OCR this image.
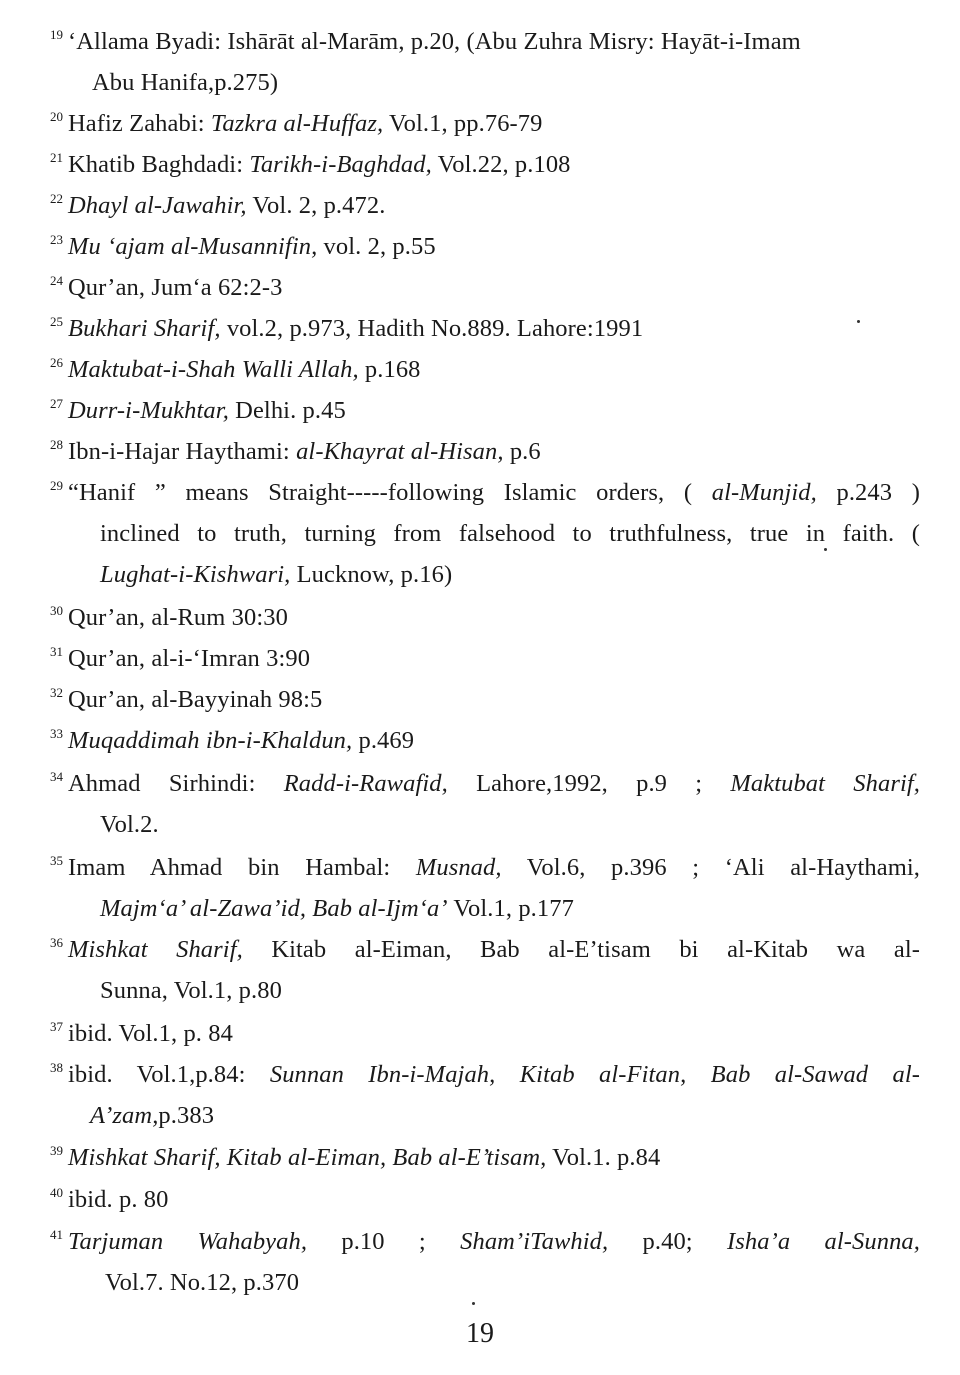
$^{19}$ ‘Allama Byadi: Ishārāt al-Marām, p.20, (Abu Zuhra Misry: Hayāt-i-Imam
Abu Hanifa,p.275)
$^{20}$ Hafiz Zahabi: Tazkra al-Huffaz, Vol.1, pp.76-79
$^{21}$ Khatib Baghdadi: Tarikh-i-Baghdad, Vol.22, p.108
$^{22}$ Dhayl al-Jawahir, Vol. 2, p.472.
$^{23}$ Mu ‘ajam al-Musannifin, vol. 2, p.55
$^{24}$ Qur’an, Jum‘a 62:2-3
$^{25}$ Bukhari Sharif, vol.2, p.973, Hadith No.889. Lahore:1991
$^{26}$ Maktubat-i-Shah Walli Allah, p.168
$^{27}$ Durr-i-Mukhtar, Delhi. p.45
$^{28}$ Ibn-i-Hajar Haythami: al-Khayrat al-Hisan, p.6
$^{29}$ “Hanif ” means Straight-----following Islamic orders, ( al-Munjid, p.243 )
inclined to truth, turning from falsehood to truthfulness, true in faith. (
Lughat-i-Kishwari, Lucknow, p.16)
$^{30}$ Qur’an, al-Rum 30:30
$^{31}$ Qur’an, al-i-‘Imran 3:90
$^{32}$ Qur’an, al-Bayyinah 98:5
$^{33}$ Muqaddimah ibn-i-Khaldun, p.469
$^{34}$ Ahmad Sirhindi: Radd-i-Rawafid, Lahore,1992, p.9 ; Maktubat Sharif,
Vol.2.
$^{35}$ Imam Ahmad bin Hambal: Musnad, Vol.6, p.396 ; ‘Ali al-Haythami,
Majm‘a’ al-Zawa’id, Bab al-Ijm‘a’ Vol.1, p.177
$^{36}$ Mishkat Sharif, Kitab al-Eiman, Bab al-E’tisam bi al-Kitab wa al-
Sunna, Vol.1, p.80
$^{37}$ ibid. Vol.1, p. 84
$^{38}$ ibid. Vol.1,p.84: Sunnan Ibn-i-Majah, Kitab al-Fitan, Bab al-Sawad al-
A’zam,p.383
$^{39}$ Mishkat Sharif, Kitab al-Eiman, Bab al-E’tisam, Vol.1. p.84
$^{40}$ ibid. p. 80
$^{41}$ Tarjuman Wahabyah, p.10 ; Sham’iTawhid, p.40; Isha’a al-Sunna,
Vol.7. No.12, p.370
19
